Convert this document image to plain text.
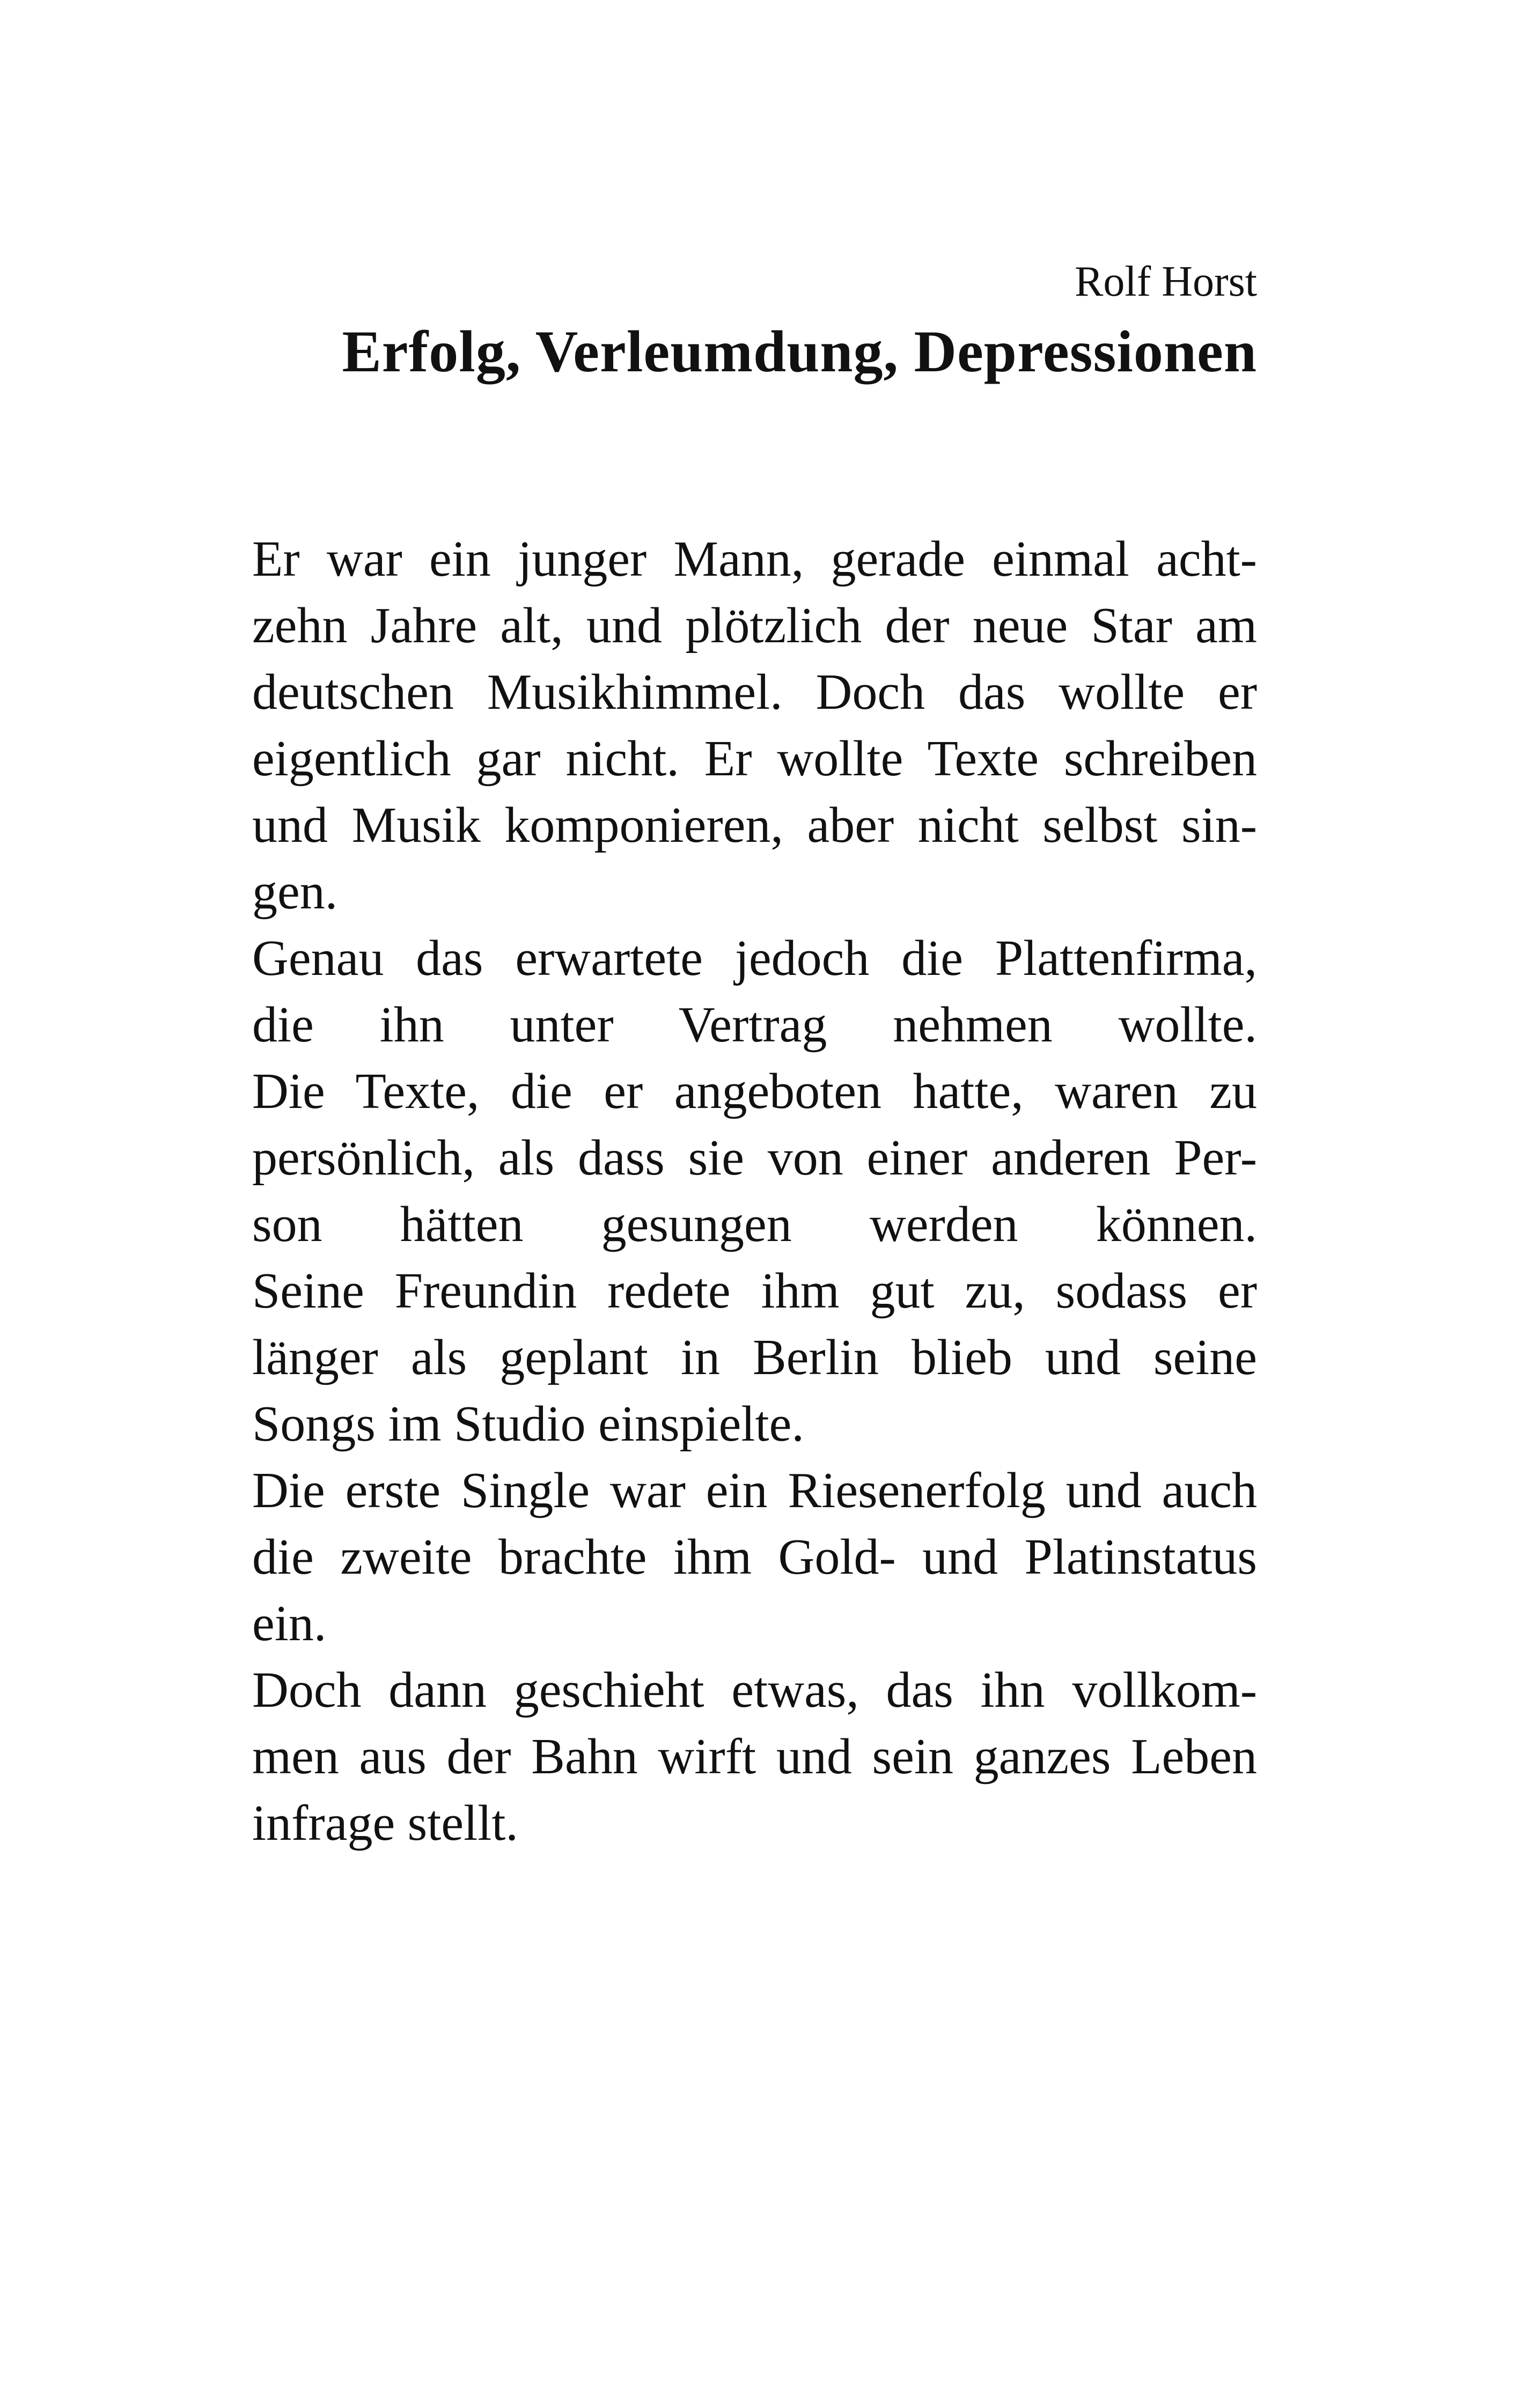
Rolf Horst

Erfolg, Verleumdung, Depressionen

Er war ein junger Mann, gerade einmal acht-
zehn Jahre alt, und plötzlich der neue Star am
deutschen Musikhimmel. Doch das wollte er
eigentlich gar nicht. Er wollte Texte schreiben
und Musik komponieren, aber nicht selbst sin-
gen.

Genau das erwartete jedoch die Plattenfirma,
die ihn unter Vertrag nehmen wollte.
Die Texte, die er angeboten hatte, waren zu
persönlich, als dass sie von einer anderen Per-
son hätten gesungen werden können.
Seine Freundin redete ihm gut zu, sodass er
länger als geplant in Berlin blieb und seine
Songs im Studio einspielte.

Die erste Single war ein Riesenerfolg und auch
die zweite brachte ihm Gold- und Platinstatus
ein.

Doch dann geschieht etwas, das ihn vollkom-
men aus der Bahn wirft und sein ganzes Leben
infrage stellt.
